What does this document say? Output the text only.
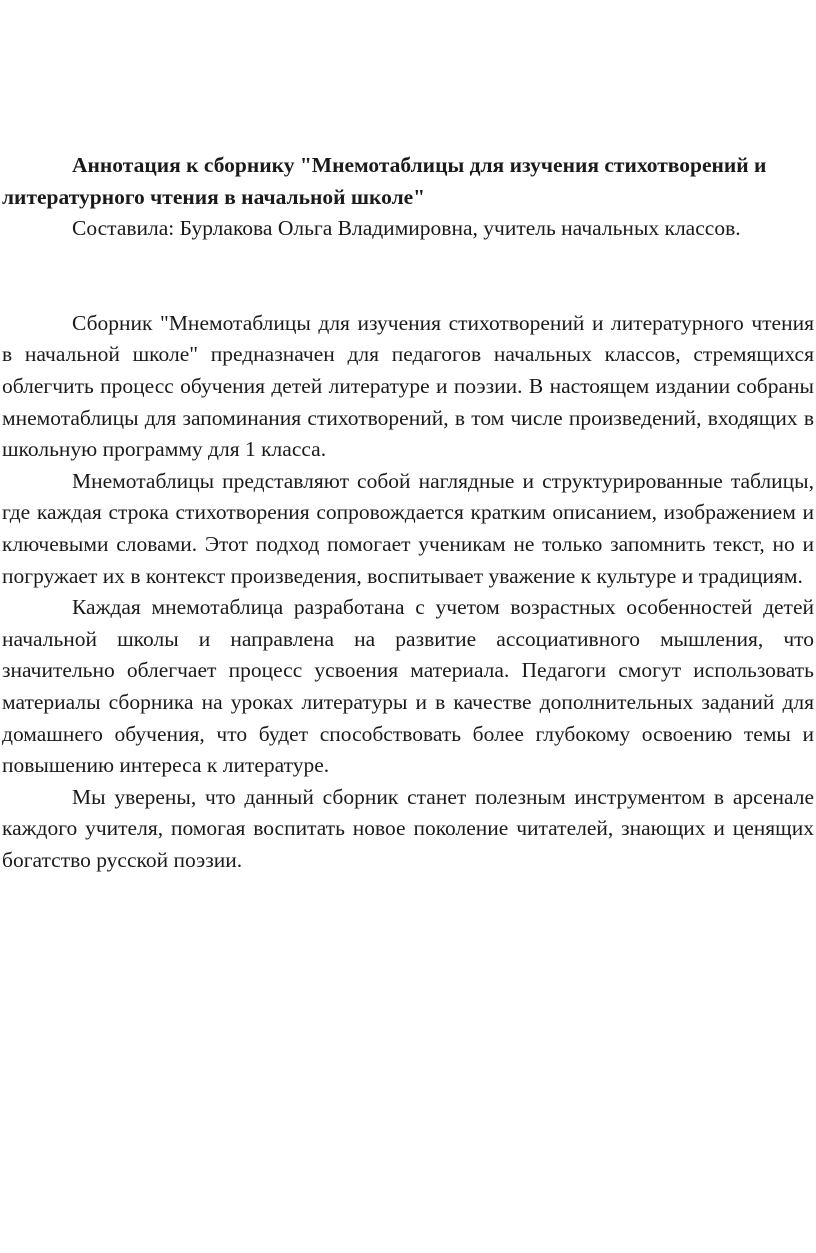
Аннотация к сборнику "Мнемотаблицы для изучения стихотворений и литературного чтения в начальной школе"

Составила: Бурлакова Ольга Владимировна, учитель начальных классов.

Сборник "Мнемотаблицы для изучения стихотворений и литературного чтения в начальной школе" предназначен для педагогов начальных классов, стремящихся облегчить процесс обучения детей литературе и поэзии. В настоящем издании собраны мнемотаблицы для запоминания стихотворений, в том числе произведений, входящих в школьную программу для 1 класса.

Мнемотаблицы представляют собой наглядные и структурированные таблицы, где каждая строка стихотворения сопровождается кратким описанием, изображением и ключевыми словами. Этот подход помогает ученикам не только запомнить текст, но и погружает их в контекст произведения, воспитывает уважение к культуре и традициям.

Каждая мнемотаблица разработана с учетом возрастных особенностей детей начальной школы и направлена на развитие ассоциативного мышления, что значительно облегчает процесс усвоения материала. Педагоги смогут использовать материалы сборника на уроках литературы и в качестве дополнительных заданий для домашнего обучения, что будет способствовать более глубокому освоению темы и повышению интереса к литературе.

Мы уверены, что данный сборник станет полезным инструментом в арсенале каждого учителя, помогая воспитать новое поколение читателей, знающих и ценящих богатство русской поэзии.
